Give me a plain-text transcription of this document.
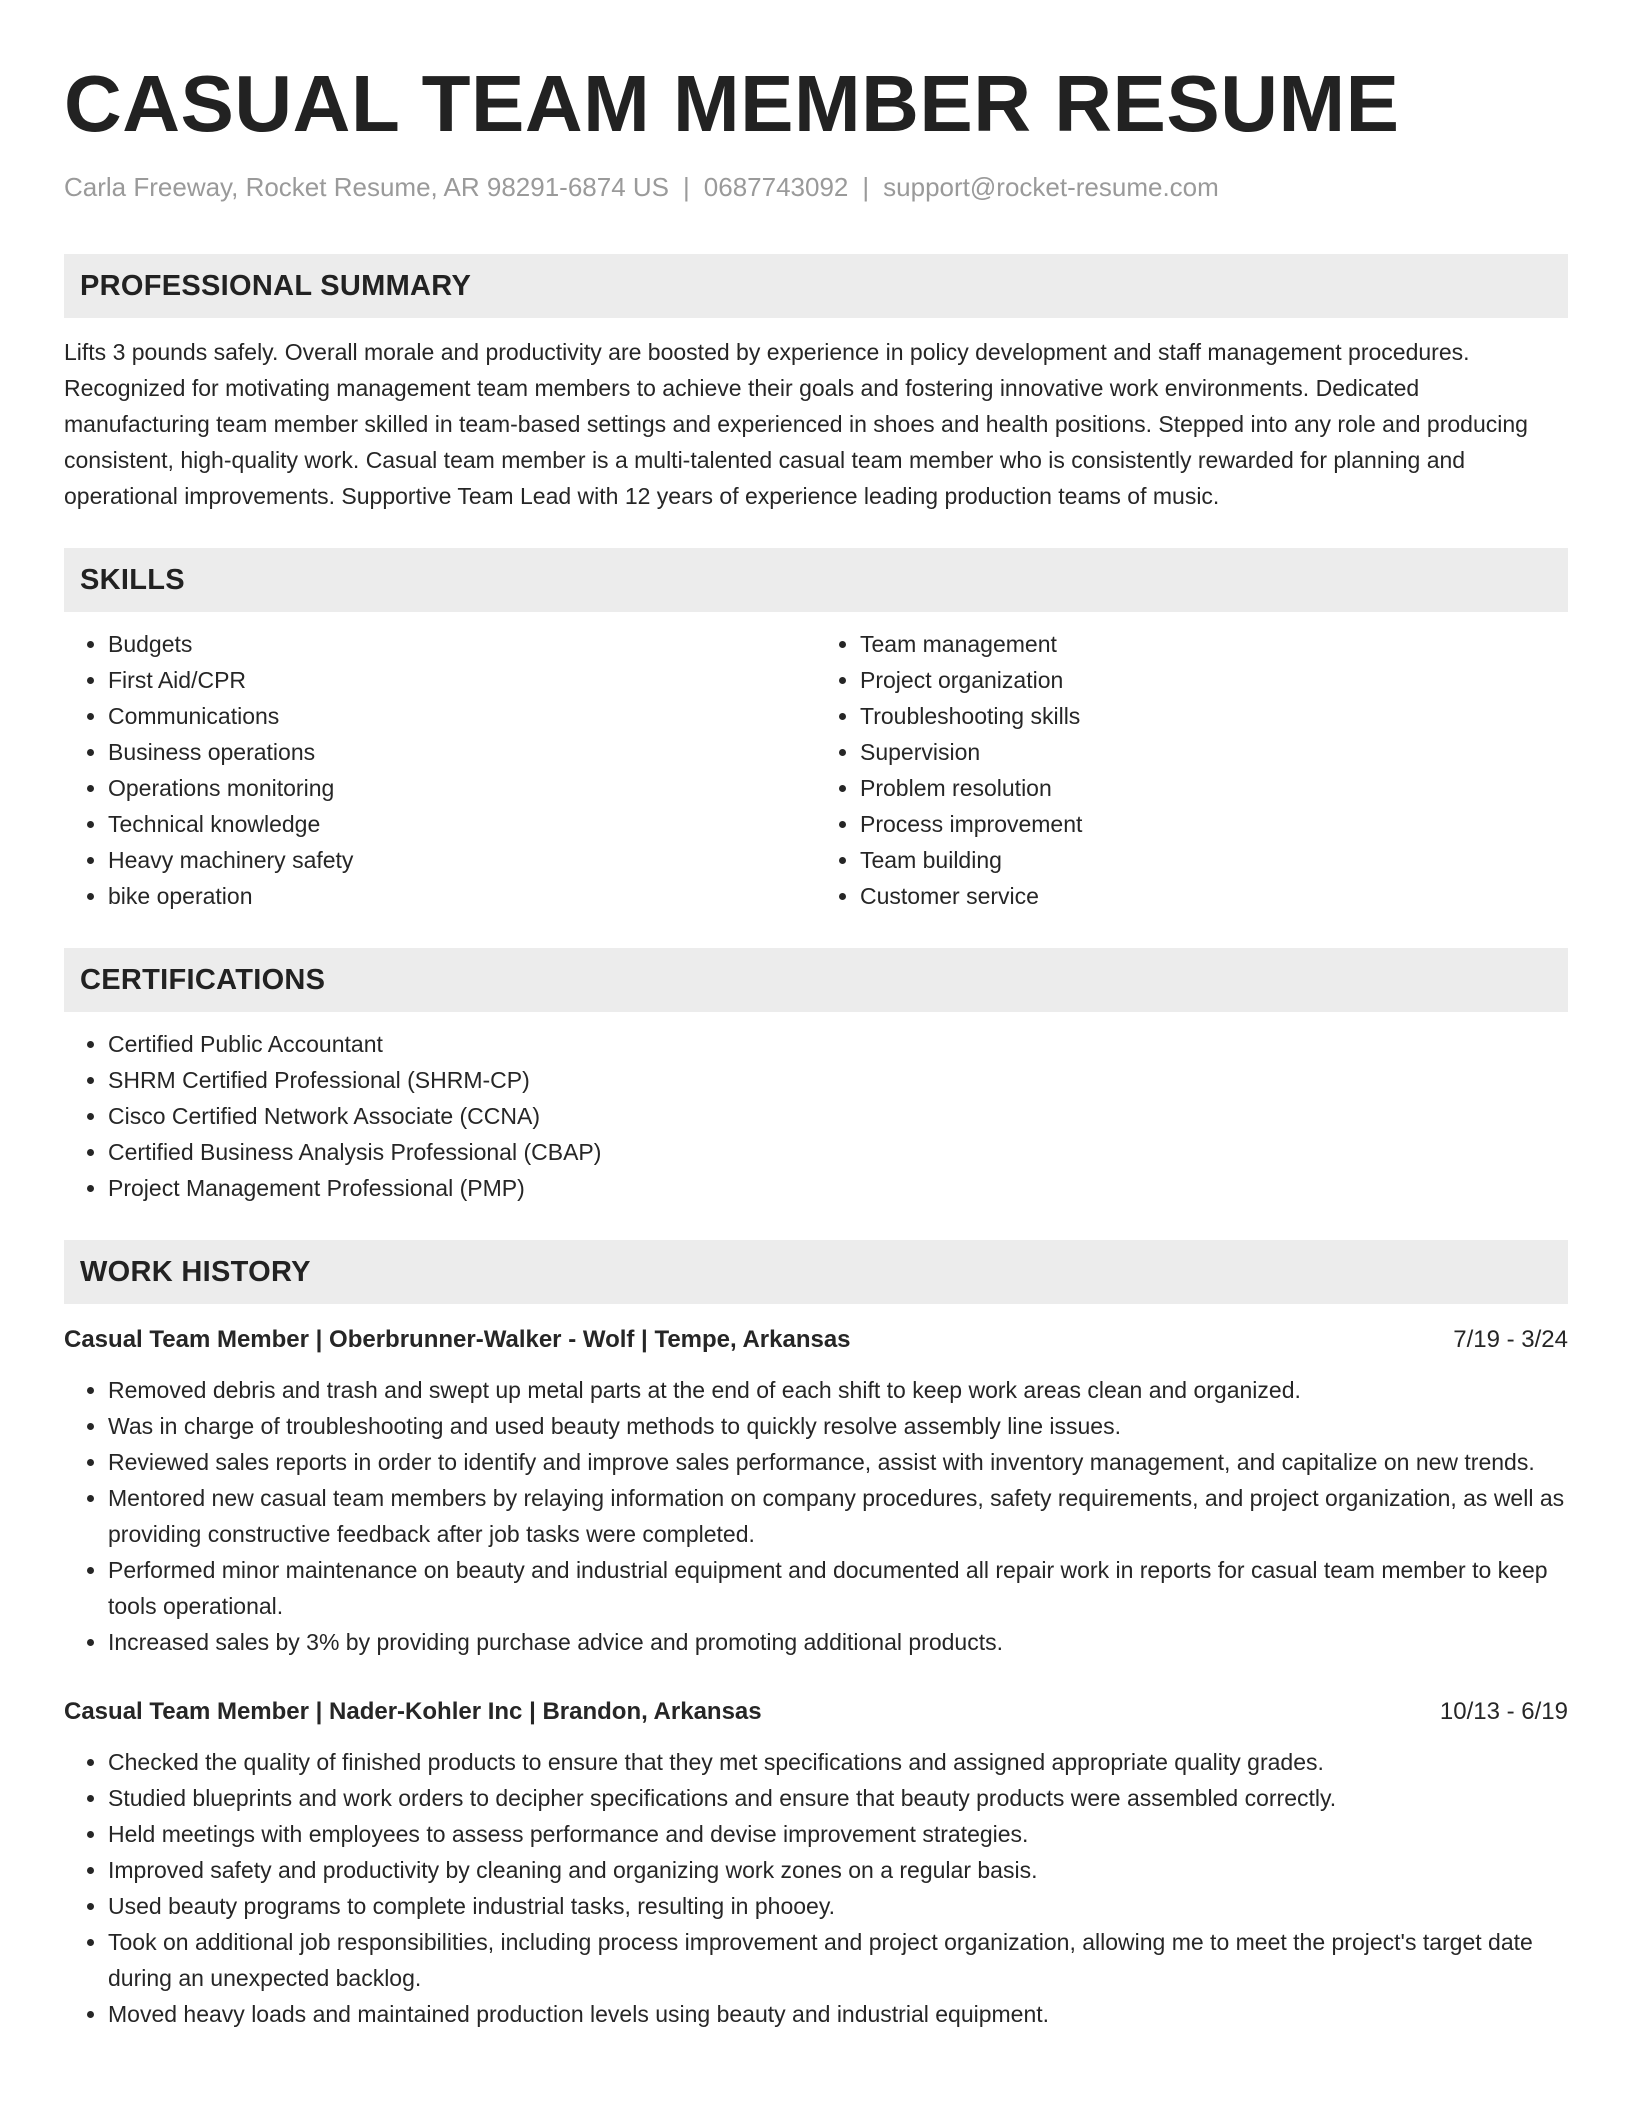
CASUAL TEAM MEMBER RESUME
Carla Freeway, Rocket Resume, AR 98291-6874 US | 0687743092 | support@rocket-resume.com
PROFESSIONAL SUMMARY

Lifts 3 pounds safely. Overall morale and productivity are boosted by experience in policy development and staff management procedures. Recognized for motivating management team members to achieve their goals and fostering innovative work environments. Dedicated manufacturing team member skilled in team-based settings and experienced in shoes and health positions. Stepped into any role and producing consistent, high-quality work. Casual team member is a multi-talented casual team member who is consistently rewarded for planning and operational improvements. Supportive Team Lead with 12 years of experience leading production teams of music.

SKILLS
• Budgets
• First Aid/CPR
• Communications
• Business operations
• Operations monitoring
• Technical knowledge
• Heavy machinery safety
• bike operation
• Team management
• Project organization
• Troubleshooting skills
• Supervision
• Problem resolution
• Process improvement
• Team building
• Customer service
CERTIFICATIONS
• Certified Public Accountant
• SHRM Certified Professional (SHRM-CP)
• Cisco Certified Network Associate (CCNA)
• Certified Business Analysis Professional (CBAP)
• Project Management Professional (PMP)
WORK HISTORY
Casual Team Member | Oberbrunner-Walker - Wolf | Tempe, Arkansas	7/19 - 3/24
• Removed debris and trash and swept up metal parts at the end of each shift to keep work areas clean and organized.
• Was in charge of troubleshooting and used beauty methods to quickly resolve assembly line issues.
• Reviewed sales reports in order to identify and improve sales performance, assist with inventory management, and capitalize on new trends.
• Mentored new casual team members by relaying information on company procedures, safety requirements, and project organization, as well as providing constructive feedback after job tasks were completed.
• Performed minor maintenance on beauty and industrial equipment and documented all repair work in reports for casual team member to keep tools operational.
• Increased sales by 3% by providing purchase advice and promoting additional products.
Casual Team Member | Nader-Kohler Inc | Brandon, Arkansas	10/13 - 6/19
• Checked the quality of finished products to ensure that they met specifications and assigned appropriate quality grades.
• Studied blueprints and work orders to decipher specifications and ensure that beauty products were assembled correctly.
• Held meetings with employees to assess performance and devise improvement strategies.
• Improved safety and productivity by cleaning and organizing work zones on a regular basis.
• Used beauty programs to complete industrial tasks, resulting in phooey.
• Took on additional job responsibilities, including process improvement and project organization, allowing me to meet the project's target date during an unexpected backlog.
• Moved heavy loads and maintained production levels using beauty and industrial equipment.
